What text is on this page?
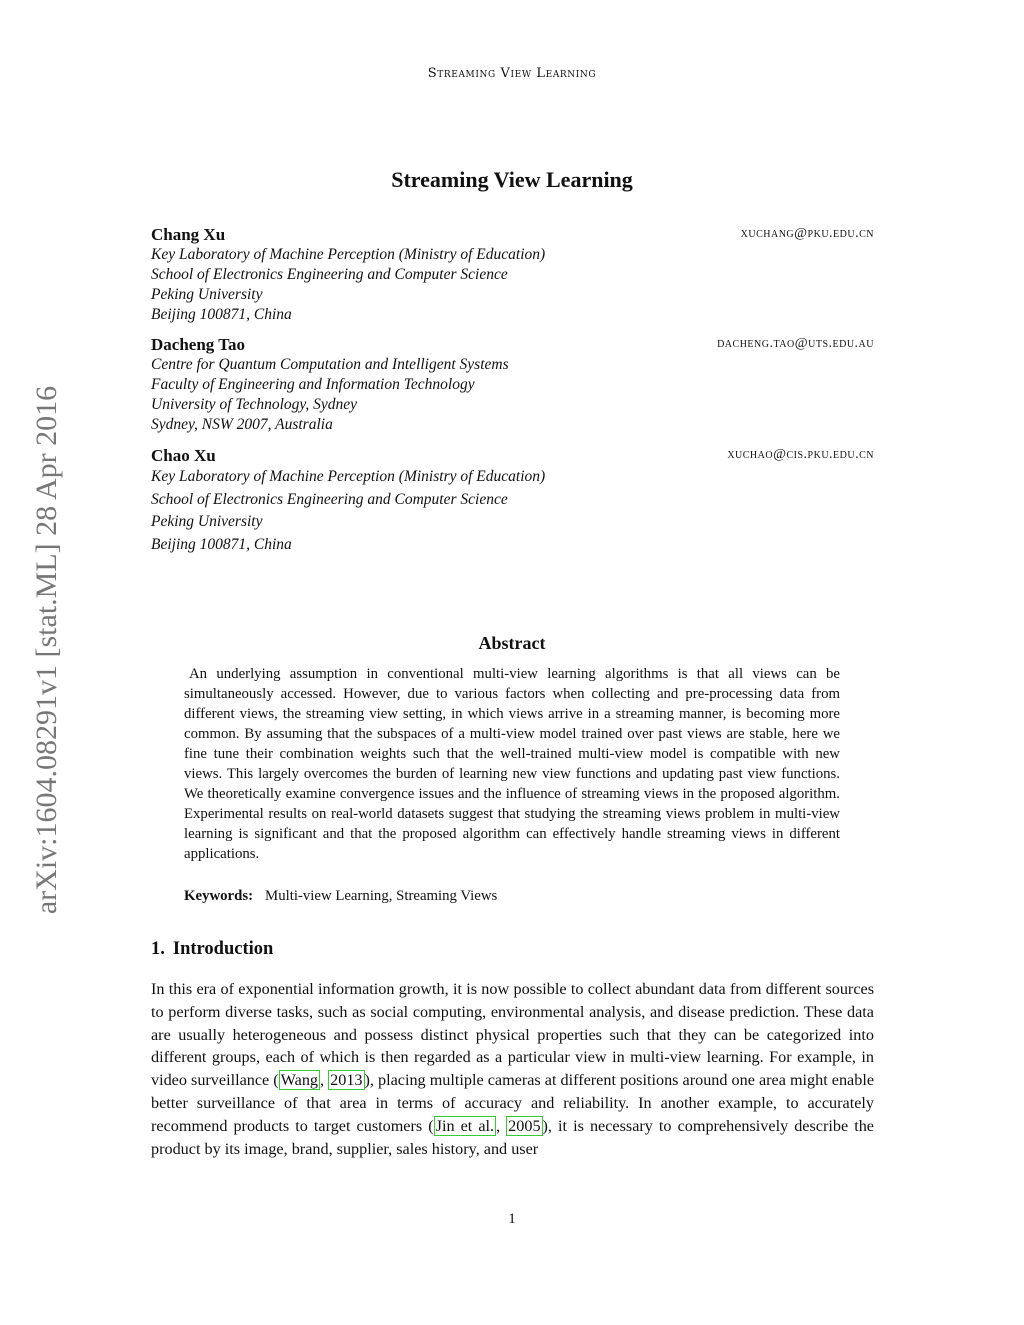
Streaming View Learning
arXiv:1604.08291v1 [stat.ML] 28 Apr 2016
Streaming View Learning
Chang Xu	xuchang@pku.edu.cn
Key Laboratory of Machine Perception (Ministry of Education)
School of Electronics Engineering and Computer Science
Peking University
Beijing 100871, China
Dacheng Tao	dacheng.tao@uts.edu.au
Centre for Quantum Computation and Intelligent Systems
Faculty of Engineering and Information Technology
University of Technology, Sydney
Sydney, NSW 2007, Australia
Chao Xu	xuchao@cis.pku.edu.cn
Key Laboratory of Machine Perception (Ministry of Education)
School of Electronics Engineering and Computer Science
Peking University
Beijing 100871, China
Abstract
An underlying assumption in conventional multi-view learning algorithms is that all views can be simultaneously accessed. However, due to various factors when collecting and pre-processing data from different views, the streaming view setting, in which views arrive in a streaming manner, is becoming more common. By assuming that the subspaces of a multi-view model trained over past views are stable, here we fine tune their combination weights such that the well-trained multi-view model is compatible with new views. This largely overcomes the burden of learning new view functions and updating past view functions. We theoretically examine convergence issues and the influence of streaming views in the proposed algorithm. Experimental results on real-world datasets suggest that studying the streaming views problem in multi-view learning is significant and that the proposed algorithm can effectively handle streaming views in different applications.
Keywords: Multi-view Learning, Streaming Views
1. Introduction
In this era of exponential information growth, it is now possible to collect abundant data from different sources to perform diverse tasks, such as social computing, environmental analysis, and disease prediction. These data are usually heterogeneous and possess distinct physical properties such that they can be categorized into different groups, each of which is then regarded as a particular view in multi-view learning. For example, in video surveillance ( Wang , 2013 ), placing multiple cameras at different positions around one area might enable better surveillance of that area in terms of accuracy and reliability. In another example, to accurately recommend products to target customers ( Jin et al. , 2005 ), it is necessary to comprehensively describe the product by its image, brand, supplier, sales history, and user
1
